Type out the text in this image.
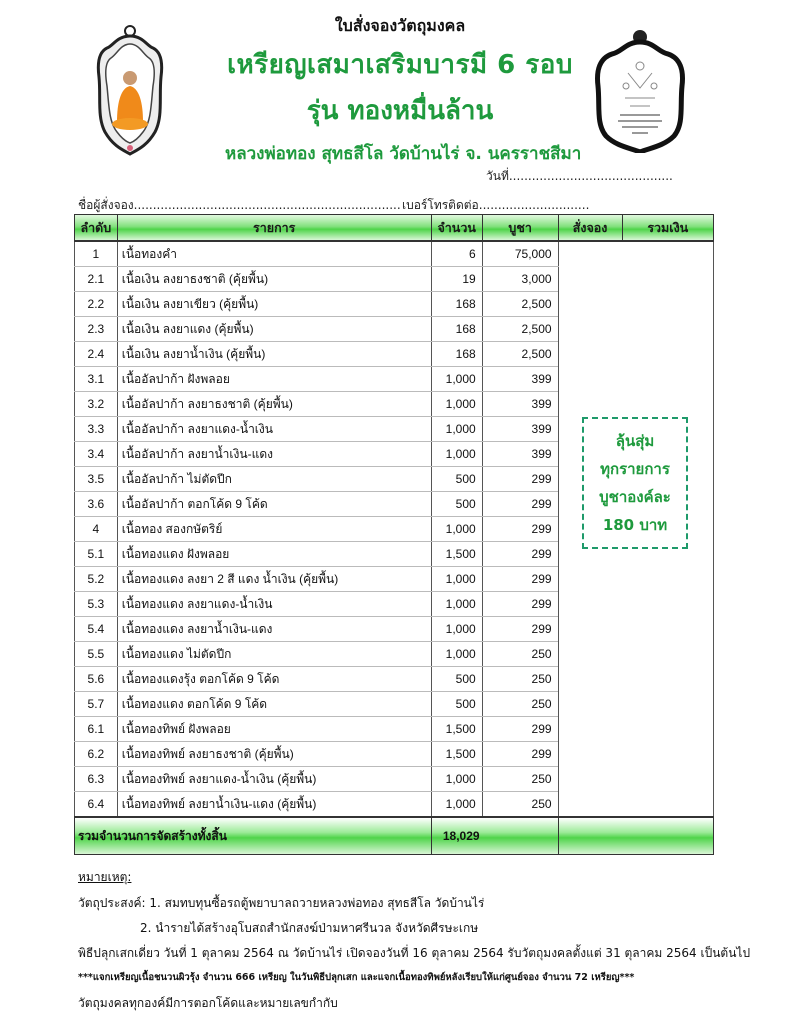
ใบสั่งจองวัตถุมงคล
เหรียญเสมาเสริมบารมี 6 รอบ
รุ่น ทองหมื่นล้าน
หลวงพ่อทอง สุทธสีโล วัดบ้านไร่ จ. นครราชสีมา
วันที่...........................................
ชื่อผู้สั่งจอง...................................................................... เบอร์โทรติดต่อ.............................
ลำดับ	รายการ	จำนวน	บูชา	สั่งจอง	รวมเงิน
1	เนื้อทองคำ	6	75,000		
2.1	เนื้อเงิน ลงยาธงชาติ (คุ้ยพื้น)	19	3,000		
2.2	เนื้อเงิน ลงยาเขียว (คุ้ยพื้น)	168	2,500		
2.3	เนื้อเงิน ลงยาแดง (คุ้ยพื้น)	168	2,500		
2.4	เนื้อเงิน ลงยาน้ำเงิน (คุ้ยพื้น)	168	2,500		
3.1	เนื้ออัลปาก้า ฝังพลอย	1,000	399		
3.2	เนื้ออัลปาก้า ลงยาธงชาติ (คุ้ยพื้น)	1,000	399		
3.3	เนื้ออัลปาก้า ลงยาแดง-น้ำเงิน	1,000	399		
3.4	เนื้ออัลปาก้า ลงยาน้ำเงิน-แดง	1,000	399		
3.5	เนื้ออัลปาก้า ไม่ตัดปีก	500	299		
3.6	เนื้ออัลปาก้า ตอกโค้ด 9 โค้ด	500	299		
4	เนื้อทอง สองกษัตริย์	1,000	299		
5.1	เนื้อทองแดง ฝังพลอย	1,500	299		
5.2	เนื้อทองแดง ลงยา 2 สี แดง น้ำเงิน (คุ้ยพื้น)	1,000	299		
5.3	เนื้อทองแดง ลงยาแดง-น้ำเงิน	1,000	299		
5.4	เนื้อทองแดง ลงยาน้ำเงิน-แดง	1,000	299		
5.5	เนื้อทองแดง ไม่ตัดปีก	1,000	250		
5.6	เนื้อทองแดงรุ้ง ตอกโค้ด 9 โค้ด	500	250		
5.7	เนื้อทองแดง ตอกโค้ด 9 โค้ด	500	250		
6.1	เนื้อทองทิพย์ ฝังพลอย	1,500	299		
6.2	เนื้อทองทิพย์ ลงยาธงชาติ (คุ้ยพื้น)	1,500	299		
6.3	เนื้อทองทิพย์ ลงยาแดง-น้ำเงิน (คุ้ยพื้น)	1,000	250		
6.4	เนื้อทองทิพย์ ลงยาน้ำเงิน-แดง (คุ้ยพื้น)	1,000	250		
รวมจำนวนการจัดสร้างทั้งสิ้น		18,029			
ลุ้นสุ่ม
ทุกรายการ
บูชาองค์ละ
180 บาท
หมายเหตุ:
วัตถุประสงค์: 1. สมทบทุนซื้อรถตู้พยาบาลถวายหลวงพ่อทอง สุทธสีโล วัดบ้านไร่
2. นำรายได้สร้างอุโบสถสำนักสงฆ์ป่ามหาศรีนวล จังหวัดศีรษะเกษ
พิธีปลุกเสกเดี่ยว วันที่ 1 ตุลาคม 2564 ณ วัดบ้านไร่ เปิดจองวันที่ 16 ตุลาคม 2564 รับวัตถุมงคลตั้งแต่ 31 ตุลาคม 2564 เป็นต้นไป
***แจกเหรียญเนื้อชนวนผิวรุ้ง จำนวน 666 เหรียญ ในวันพิธีปลุกเสก และแจกเนื้อทองทิพย์หลังเรียบให้แก่ศูนย์จอง จำนวน 72 เหรียญ***
วัตถุมงคลทุกองค์มีการตอกโค้ดและหมายเลขกำกับ
